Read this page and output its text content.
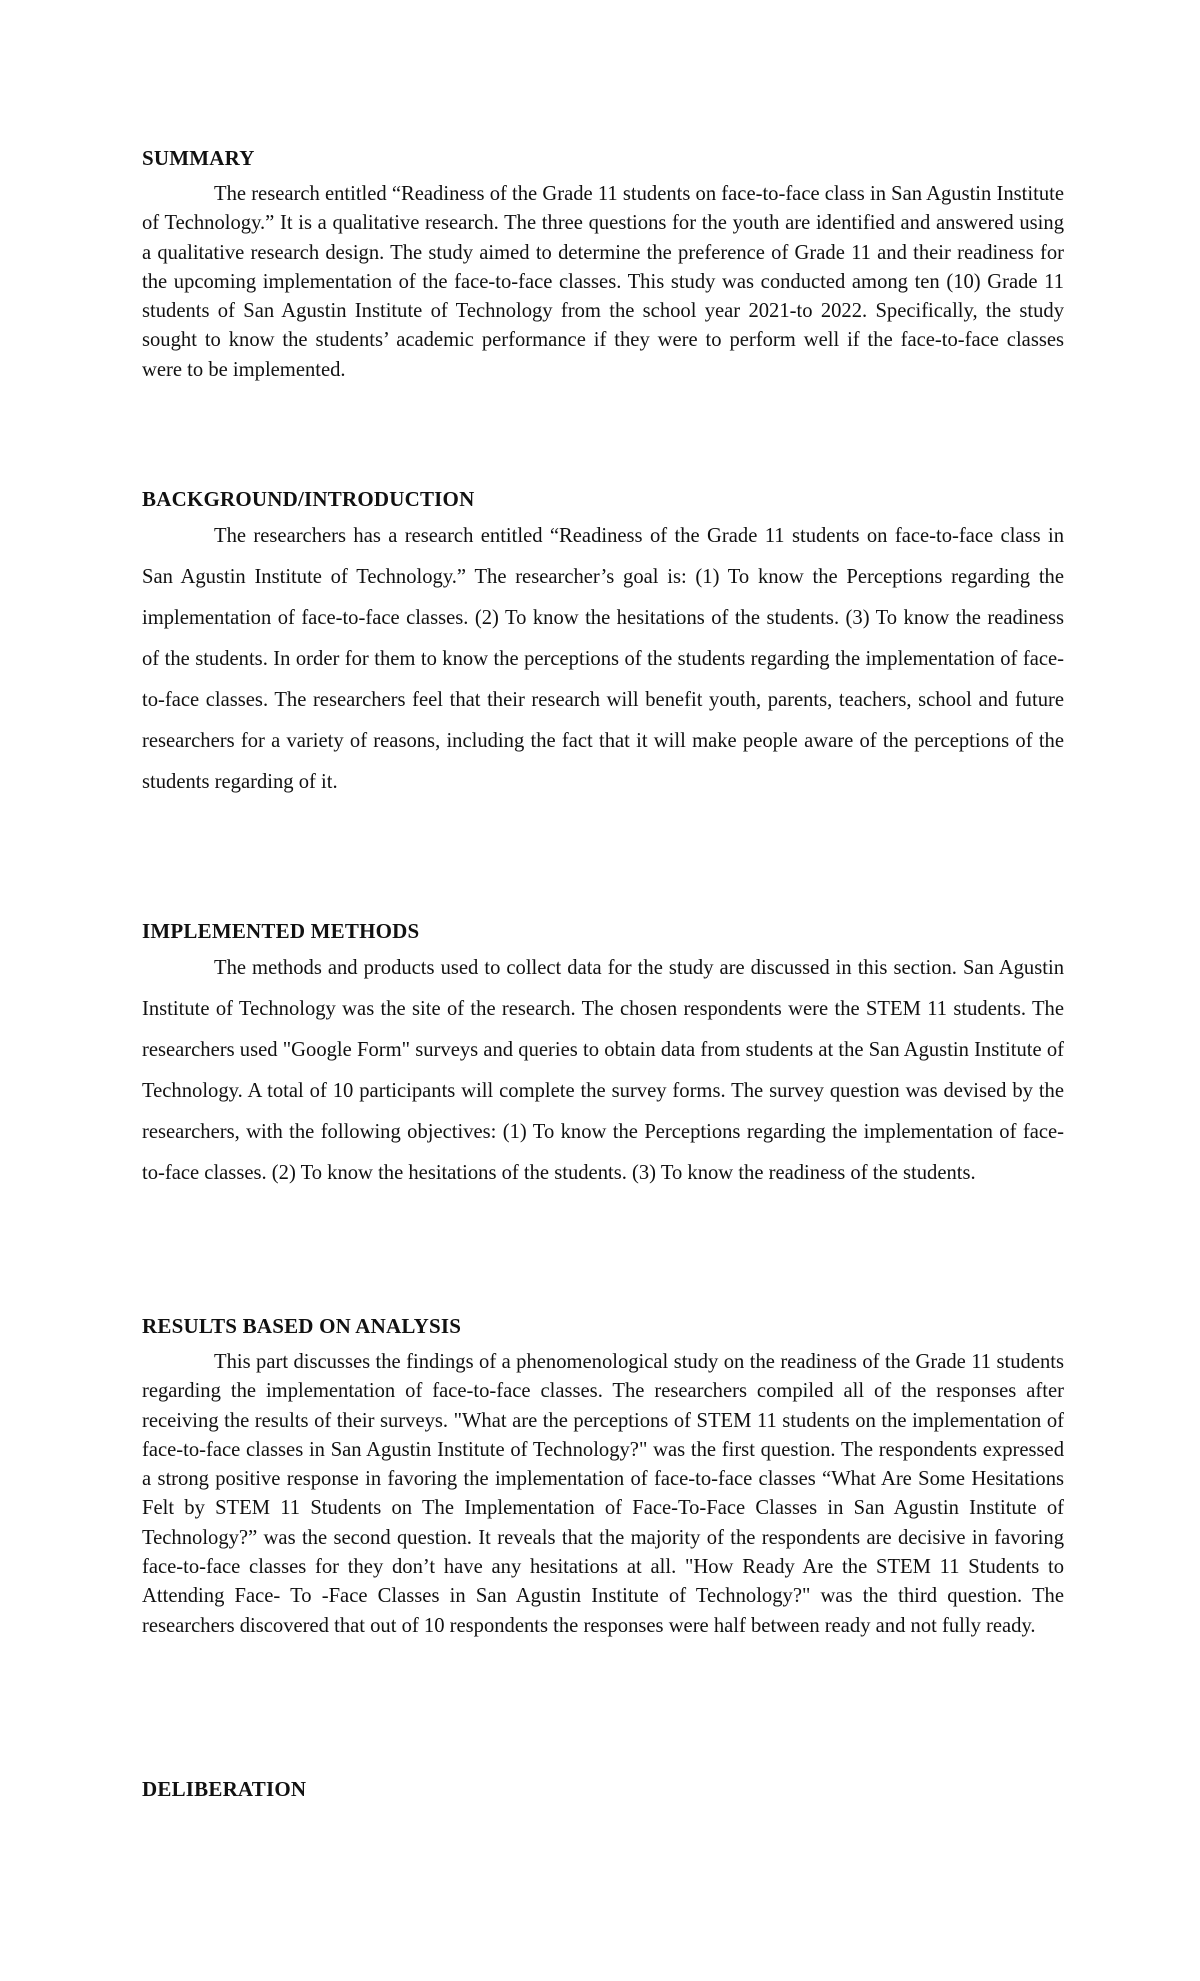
SUMMARY

The research entitled “Readiness of the Grade 11 students on face-to-face class in San Agustin Institute of Technology.” It is a qualitative research. The three questions for the youth are identified and answered using a qualitative research design. The study aimed to determine the preference of Grade 11 and their readiness for the upcoming implementation of the face-to-face classes. This study was conducted among ten (10) Grade 11 students of San Agustin Institute of Technology from the school year 2021-to 2022. Specifically, the study sought to know the students’ academic performance if they were to perform well if the face-to-face classes were to be implemented.

BACKGROUND/INTRODUCTION

The researchers has a research entitled “Readiness of the Grade 11 students on face-to-face class in San Agustin Institute of Technology.” The researcher’s goal is: (1) To know the Perceptions regarding the implementation of face-to-face classes. (2) To know the hesitations of the students. (3) To know the readiness of the students. In order for them to know the perceptions of the students regarding the implementation of face-to-face classes. The researchers feel that their research will benefit youth, parents, teachers, school and future researchers for a variety of reasons, including the fact that it will make people aware of the perceptions of the students regarding of it.

IMPLEMENTED METHODS

The methods and products used to collect data for the study are discussed in this section. San Agustin Institute of Technology was the site of the research. The chosen respondents were the STEM 11 students. The researchers used "Google Form" surveys and queries to obtain data from students at the San Agustin Institute of Technology. A total of 10 participants will complete the survey forms. The survey question was devised by the researchers, with the following objectives: (1) To know the Perceptions regarding the implementation of face-to-face classes. (2) To know the hesitations of the students. (3) To know the readiness of the students.

RESULTS BASED ON ANALYSIS

This part discusses the findings of a phenomenological study on the readiness of the Grade 11 students regarding the implementation of face-to-face classes. The researchers compiled all of the responses after receiving the results of their surveys. "What are the perceptions of STEM 11 students on the implementation of face-to-face classes in San Agustin Institute of Technology?" was the first question. The respondents expressed a strong positive response in favoring the implementation of face-to-face classes “What Are Some Hesitations Felt by STEM 11 Students on The Implementation of Face-To-Face Classes in San Agustin Institute of Technology?” was the second question. It reveals that the majority of the respondents are decisive in favoring face-to-face classes for they don’t have any hesitations at all. "How Ready Are the STEM 11 Students to Attending Face- To -Face Classes in San Agustin Institute of Technology?" was the third question. The researchers discovered that out of 10 respondents the responses were half between ready and not fully ready.

DELIBERATION
